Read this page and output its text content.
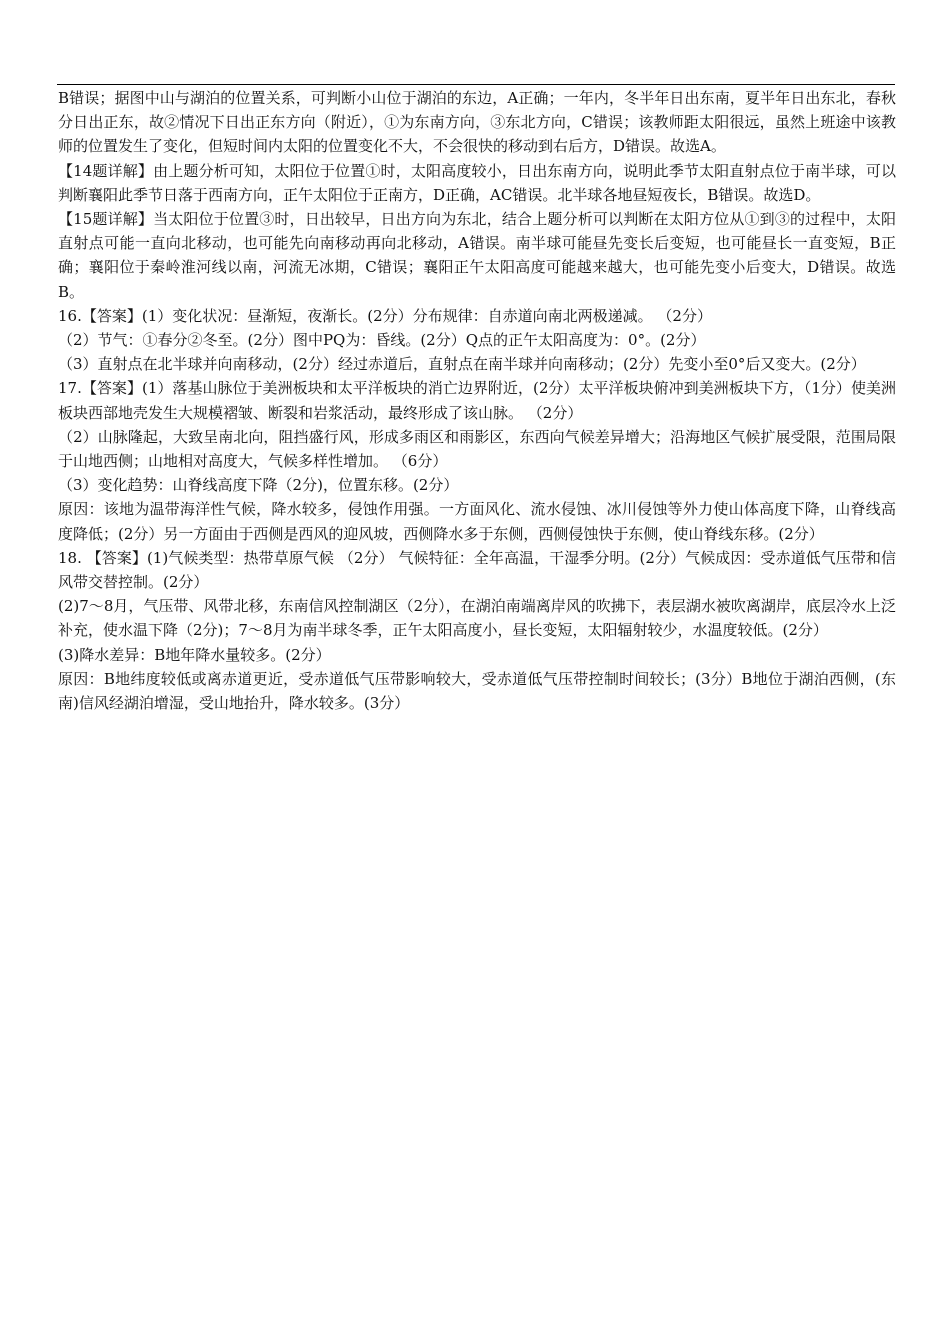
B错误；据图中山与湖泊的位置关系，可判断小山位于湖泊的东边，A正确；一年内，冬半年日出东南，夏半年日出东北，春秋分日出正东，故②情况下日出正东方向（附近），①为东南方向，③东北方向，C错误；该教师距太阳很远，虽然上班途中该教师的位置发生了变化，但短时间内太阳的位置变化不大，不会很快的移动到右后方，D错误。故选A。

【14题详解】由上题分析可知，太阳位于位置①时，太阳高度较小，日出东南方向，说明此季节太阳直射点位于南半球，可以判断襄阳此季节日落于西南方向，正午太阳位于正南方，D正确，AC错误。北半球各地昼短夜长，B错误。故选D。

【15题详解】当太阳位于位置③时，日出较早，日出方向为东北，结合上题分析可以判断在太阳方位从①到③的过程中，太阳直射点可能一直向北移动，也可能先向南移动再向北移动，A错误。南半球可能昼先变长后变短，也可能昼长一直变短，B正确；襄阳位于秦岭淮河线以南，河流无冰期，C错误；襄阳正午太阳高度可能越来越大，也可能先变小后变大，D错误。故选B。

16.【答案】(1）变化状况：昼渐短，夜渐长。(2分）分布规律：自赤道向南北两极递减。 （2分）

（2）节气：①春分②冬至。(2分）图中PQ为：昏线。(2分）Q点的正午太阳高度为：0°。(2分）

（3）直射点在北半球并向南移动，(2分）经过赤道后，直射点在南半球并向南移动；(2分）先变小至0°后又变大。(2分）

17.【答案】(1）落基山脉位于美洲板块和太平洋板块的消亡边界附近，(2分）太平洋板块俯冲到美洲板块下方，（1分）使美洲板块西部地壳发生大规模褶皱、断裂和岩浆活动，最终形成了该山脉。 （2分）

（2）山脉隆起，大致呈南北向，阻挡盛行风，形成多雨区和雨影区，东西向气候差异增大；沿海地区气候扩展受限，范围局限于山地西侧；山地相对高度大，气候多样性增加。 （6分）

（3）变化趋势：山脊线高度下降（2分)，位置东移。(2分）

原因：该地为温带海洋性气候，降水较多，侵蚀作用强。一方面风化、流水侵蚀、冰川侵蚀等外力使山体高度下降，山脊线高度降低；(2分）另一方面由于西侧是西风的迎风坡，西侧降水多于东侧，西侧侵蚀快于东侧，使山脊线东移。(2分）

18. 【答案】(1)气候类型：热带草原气候 （2分） 气候特征：全年高温，干湿季分明。(2分）气候成因：受赤道低气压带和信风带交替控制。(2分）

(2)7～8月，气压带、风带北移，东南信风控制湖区（2分），在湖泊南端离岸风的吹拂下，表层湖水被吹离湖岸，底层冷水上泛补充，使水温下降（2分)；7～8月为南半球冬季，正午太阳高度小，昼长变短，太阳辐射较少，水温度较低。(2分）

(3)降水差异：B地年降水量较多。(2分）

原因：B地纬度较低或离赤道更近，受赤道低气压带影响较大，受赤道低气压带控制时间较长；(3分）B地位于湖泊西侧，(东南)信风经湖泊增湿，受山地抬升，降水较多。(3分）
